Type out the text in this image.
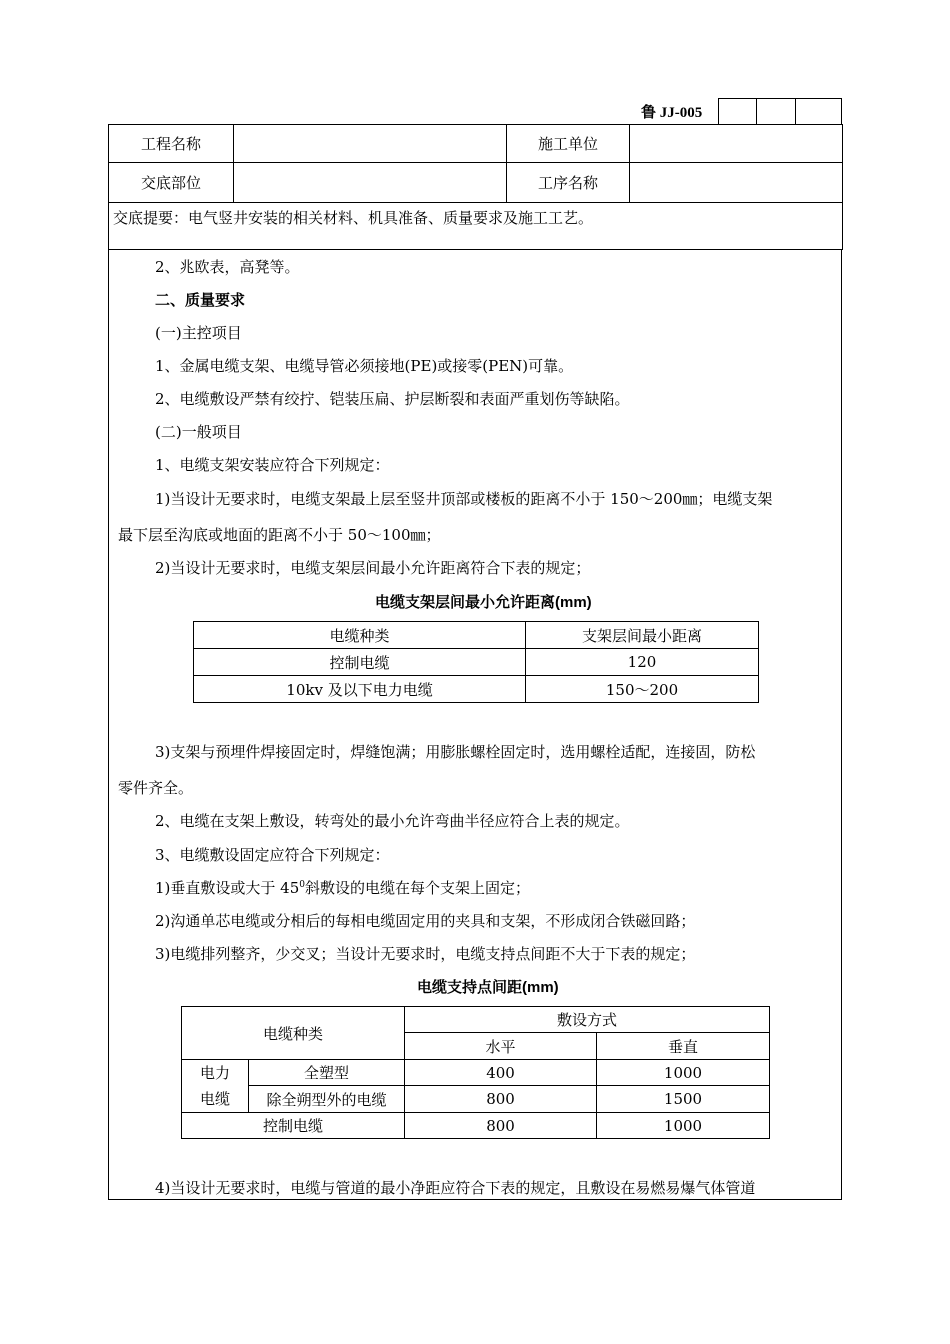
鲁 JJ-005
工程名称		施工单位	
交底部位		工序名称	
交底提要：电气竖井安装的相关材料、机具准备、质量要求及施工工艺。			
2、兆欧表，高凳等。
二、质量要求
(一)主控项目
1、金属电缆支架、电缆导管必须接地(PE)或接零(PEN)可靠。
2、电缆敷设严禁有绞拧、铠装压扁、护层断裂和表面严重划伤等缺陷。
(二)一般项目
1、电缆支架安装应符合下列规定：
1)当设计无要求时，电缆支架最上层至竖井顶部或楼板的距离不小于 150～200㎜；电缆支架
最下层至沟底或地面的距离不小于 50～100㎜；
2)当设计无要求时，电缆支架层间最小允许距离符合下表的规定；
电缆支架层间最小允许距离(mm)
电缆种类	支架层间最小距离
控制电缆	120
10kv 及以下电力电缆	150～200
3)支架与预埋件焊接固定时，焊缝饱满；用膨胀螺栓固定时，选用螺栓适配，连接固，防松
零件齐全。
2、电缆在支架上敷设，转弯处的最小允许弯曲半径应符合上表的规定。
3、电缆敷设固定应符合下列规定：
1)垂直敷设或大于 $45^0$斜敷设的电缆在每个支架上固定；
2)沟通单芯电缆或分相后的每相电缆固定用的夹具和支架，不形成闭合铁磁回路；
3)电缆排列整齐，少交叉；当设计无要求时，电缆支持点间距不大于下表的规定；
电缆支持点间距(mm)
电缆种类		敷设方式	
		水平	垂直
电力
电缆	全塑型	400	1000
	除全朔型外的电缆	800	1500
控制电缆		800	1000
4)当设计无要求时，电缆与管道的最小净距应符合下表的规定，且敷设在易燃易爆气体管道
